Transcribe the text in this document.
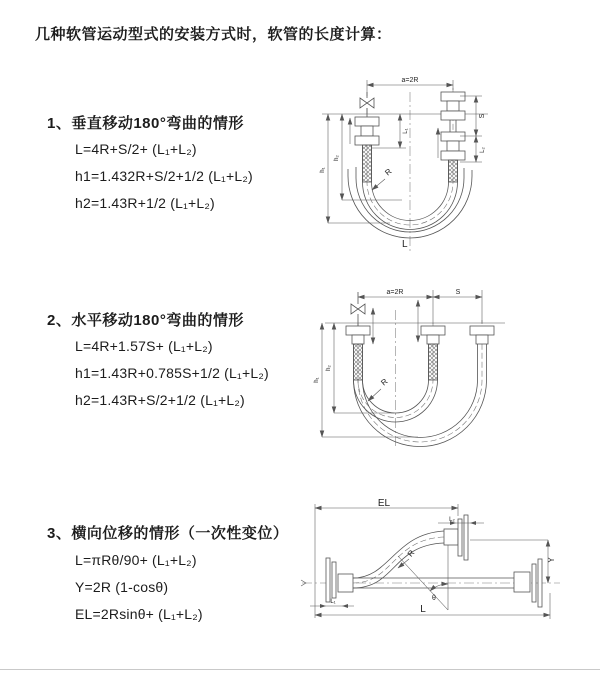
几种软管运动型式的安装方式时，软管的长度计算：
1、垂直移动180°弯曲的情形
L=4R+S/2+ (L₁+L₂)
h1=1.432R+S/2+1/2 (L₁+L₂)
h2=1.43R+1/2 (L₁+L₂)
a=2R
S
L₂
L₁
h₁
h₂
R
L
2、水平移动180°弯曲的情形
L=4R+1.57S+ (L₁+L₂)
h1=1.43R+0.785S+1/2 (L₁+L₂)
h2=1.43R+S/2+1/2 (L₁+L₂)
a=2R	S
h₁
h₂
R
3、横向位移的情形（一次性变位）
L=πRθ/90+ (L₁+L₂)
Y=2R (1-cosθ)
EL=2Rsinθ+ (L₁+L₂)
EL
L₂
Y
L
L₁
R
θ
